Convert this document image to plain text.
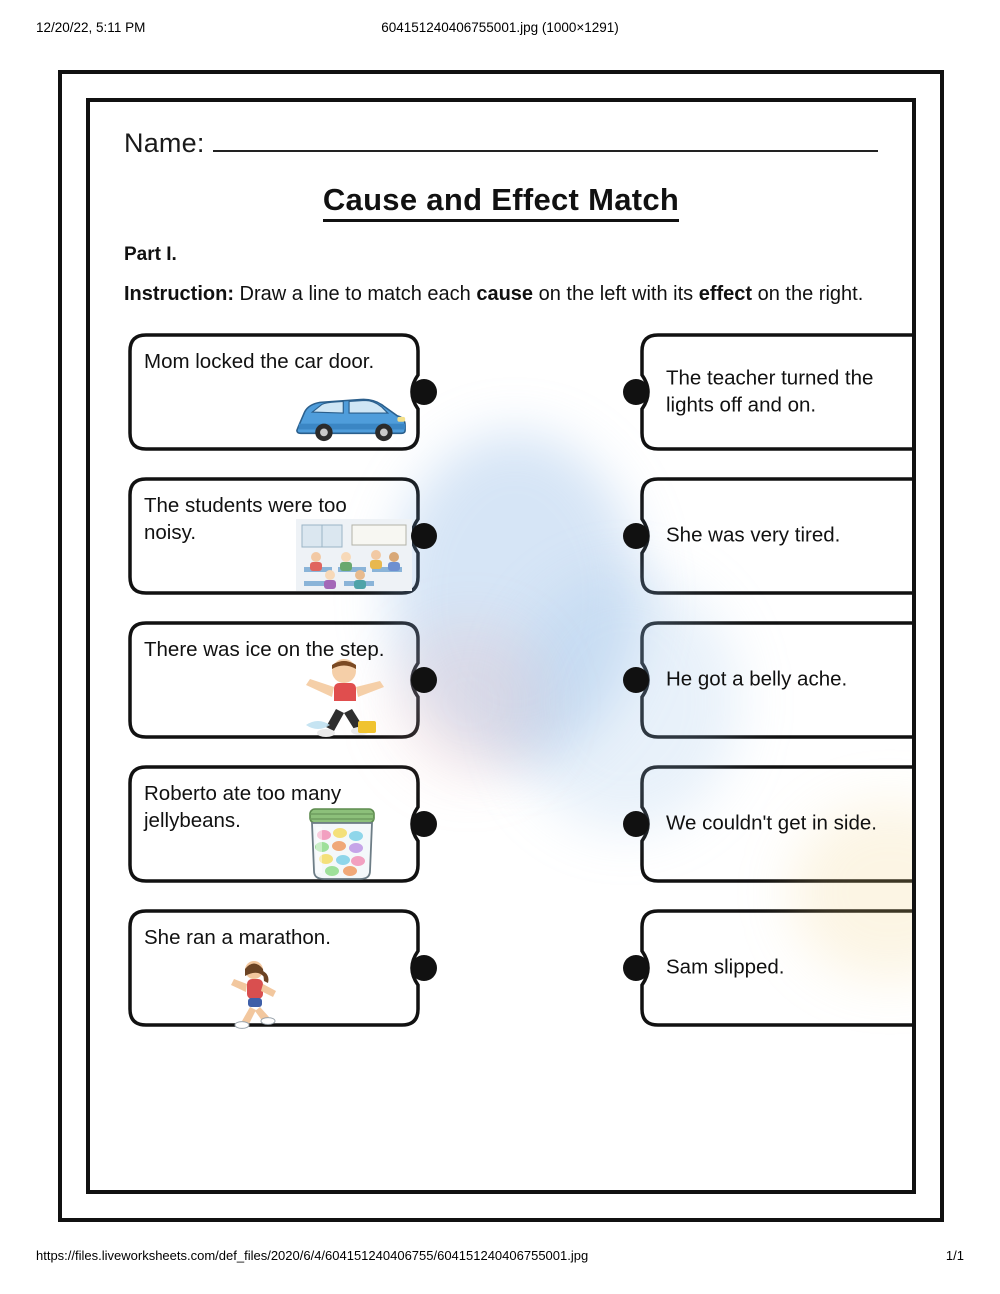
12/20/22, 5:11 PM	604151240406755001.jpg (1000×1291)
Name:
Cause and Effect Match
Part I.
Instruction: Draw a line to match each cause on the left with its effect on the right.
Mom locked the car door.
The students were too noisy.
There was ice on the step.
Roberto ate too many jellybeans.
She ran a marathon.
The teacher turned the lights off and on.
She was very tired.
He got a belly ache.
We couldn't get in side.
Sam slipped.
https://files.liveworksheets.com/def_files/2020/6/4/604151240406755/604151240406755001.jpg	1/1
